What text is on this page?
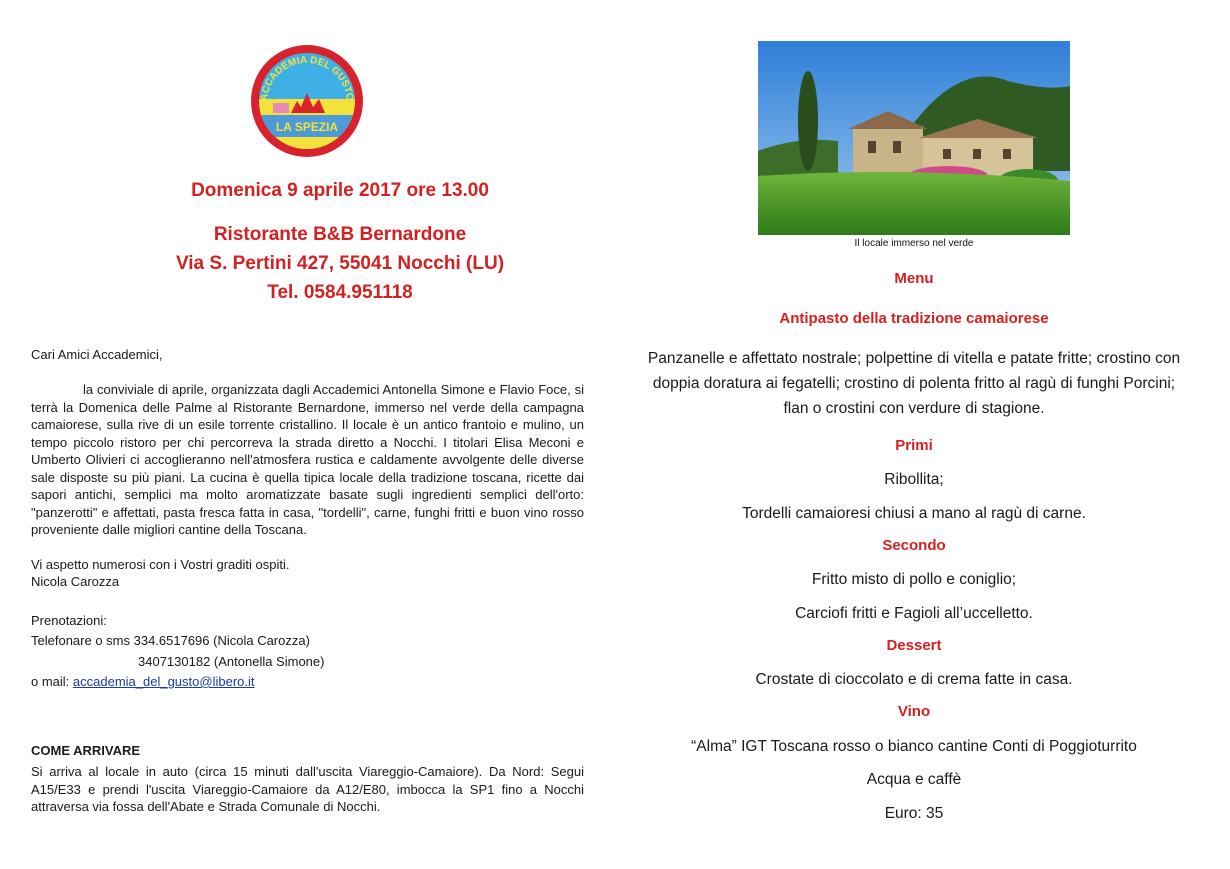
ACCADEMIA DEL GUSTO
LA SPEZIA
Domenica 9 aprile 2017 ore 13.00
Ristorante B&B Bernardone
Via S. Pertini 427, 55041 Nocchi (LU)
Tel. 0584.951118
Cari Amici Accademici,
la conviviale di aprile, organizzata dagli Accademici Antonella Simone e Flavio Foce, si terrà la Domenica delle Palme al Ristorante Bernardone, immerso nel verde della campagna camaiorese, sulla rive di un esile torrente cristallino. Il locale è un antico frantoio e mulino, un tempo piccolo ristoro per chi percorreva la strada diretto a Nocchi. I titolari Elisa Meconi e Umberto Olivieri ci accoglieranno nell'atmosfera rustica e caldamente avvolgente delle diverse sale disposte su più piani. La cucina è quella tipica locale della tradizione toscana, ricette dai sapori antichi, semplici ma molto aromatizzate basate sugli ingredienti semplici dell'orto: "panzerotti" e affettati, pasta fresca fatta in casa, "tordelli", carne, funghi fritti e buon vino rosso proveniente dalle migliori cantine della Toscana.
Vi aspetto numerosi con i Vostri graditi ospiti.
Nicola Carozza
Prenotazioni:
Telefonare o sms 334.6517696 (Nicola Carozza)
3407130182 (Antonella Simone)
o mail: accademia_del_gusto@libero.it
COME ARRIVARE
Si arriva al locale in auto (circa 15 minuti dall'uscita Viareggio-Camaiore). Da Nord: Segui A15/E33 e prendi l'uscita Viareggio-Camaiore da A12/E80, imbocca la SP1 fino a Nocchi attraversa via fossa dell'Abate e Strada Comunale di Nocchi.
Il locale immerso nel verde
Menu
Antipasto della tradizione camaiorese
Panzanelle e affettato nostrale; polpettine di vitella e patate fritte; crostino con doppia doratura ai fegatelli; crostino di polenta fritto al ragù di funghi Porcini; flan o crostini con verdure di stagione.
Primi
Ribollita;
Tordelli camaioresi chiusi a mano al ragù di carne.
Secondo
Fritto misto di pollo e coniglio;
Carciofi fritti e Fagioli all’uccelletto.
Dessert
Crostate di cioccolato e di crema fatte in casa.
Vino
“Alma” IGT Toscana rosso o bianco cantine Conti di Poggioturrito
Acqua e caffè
Euro: 35
